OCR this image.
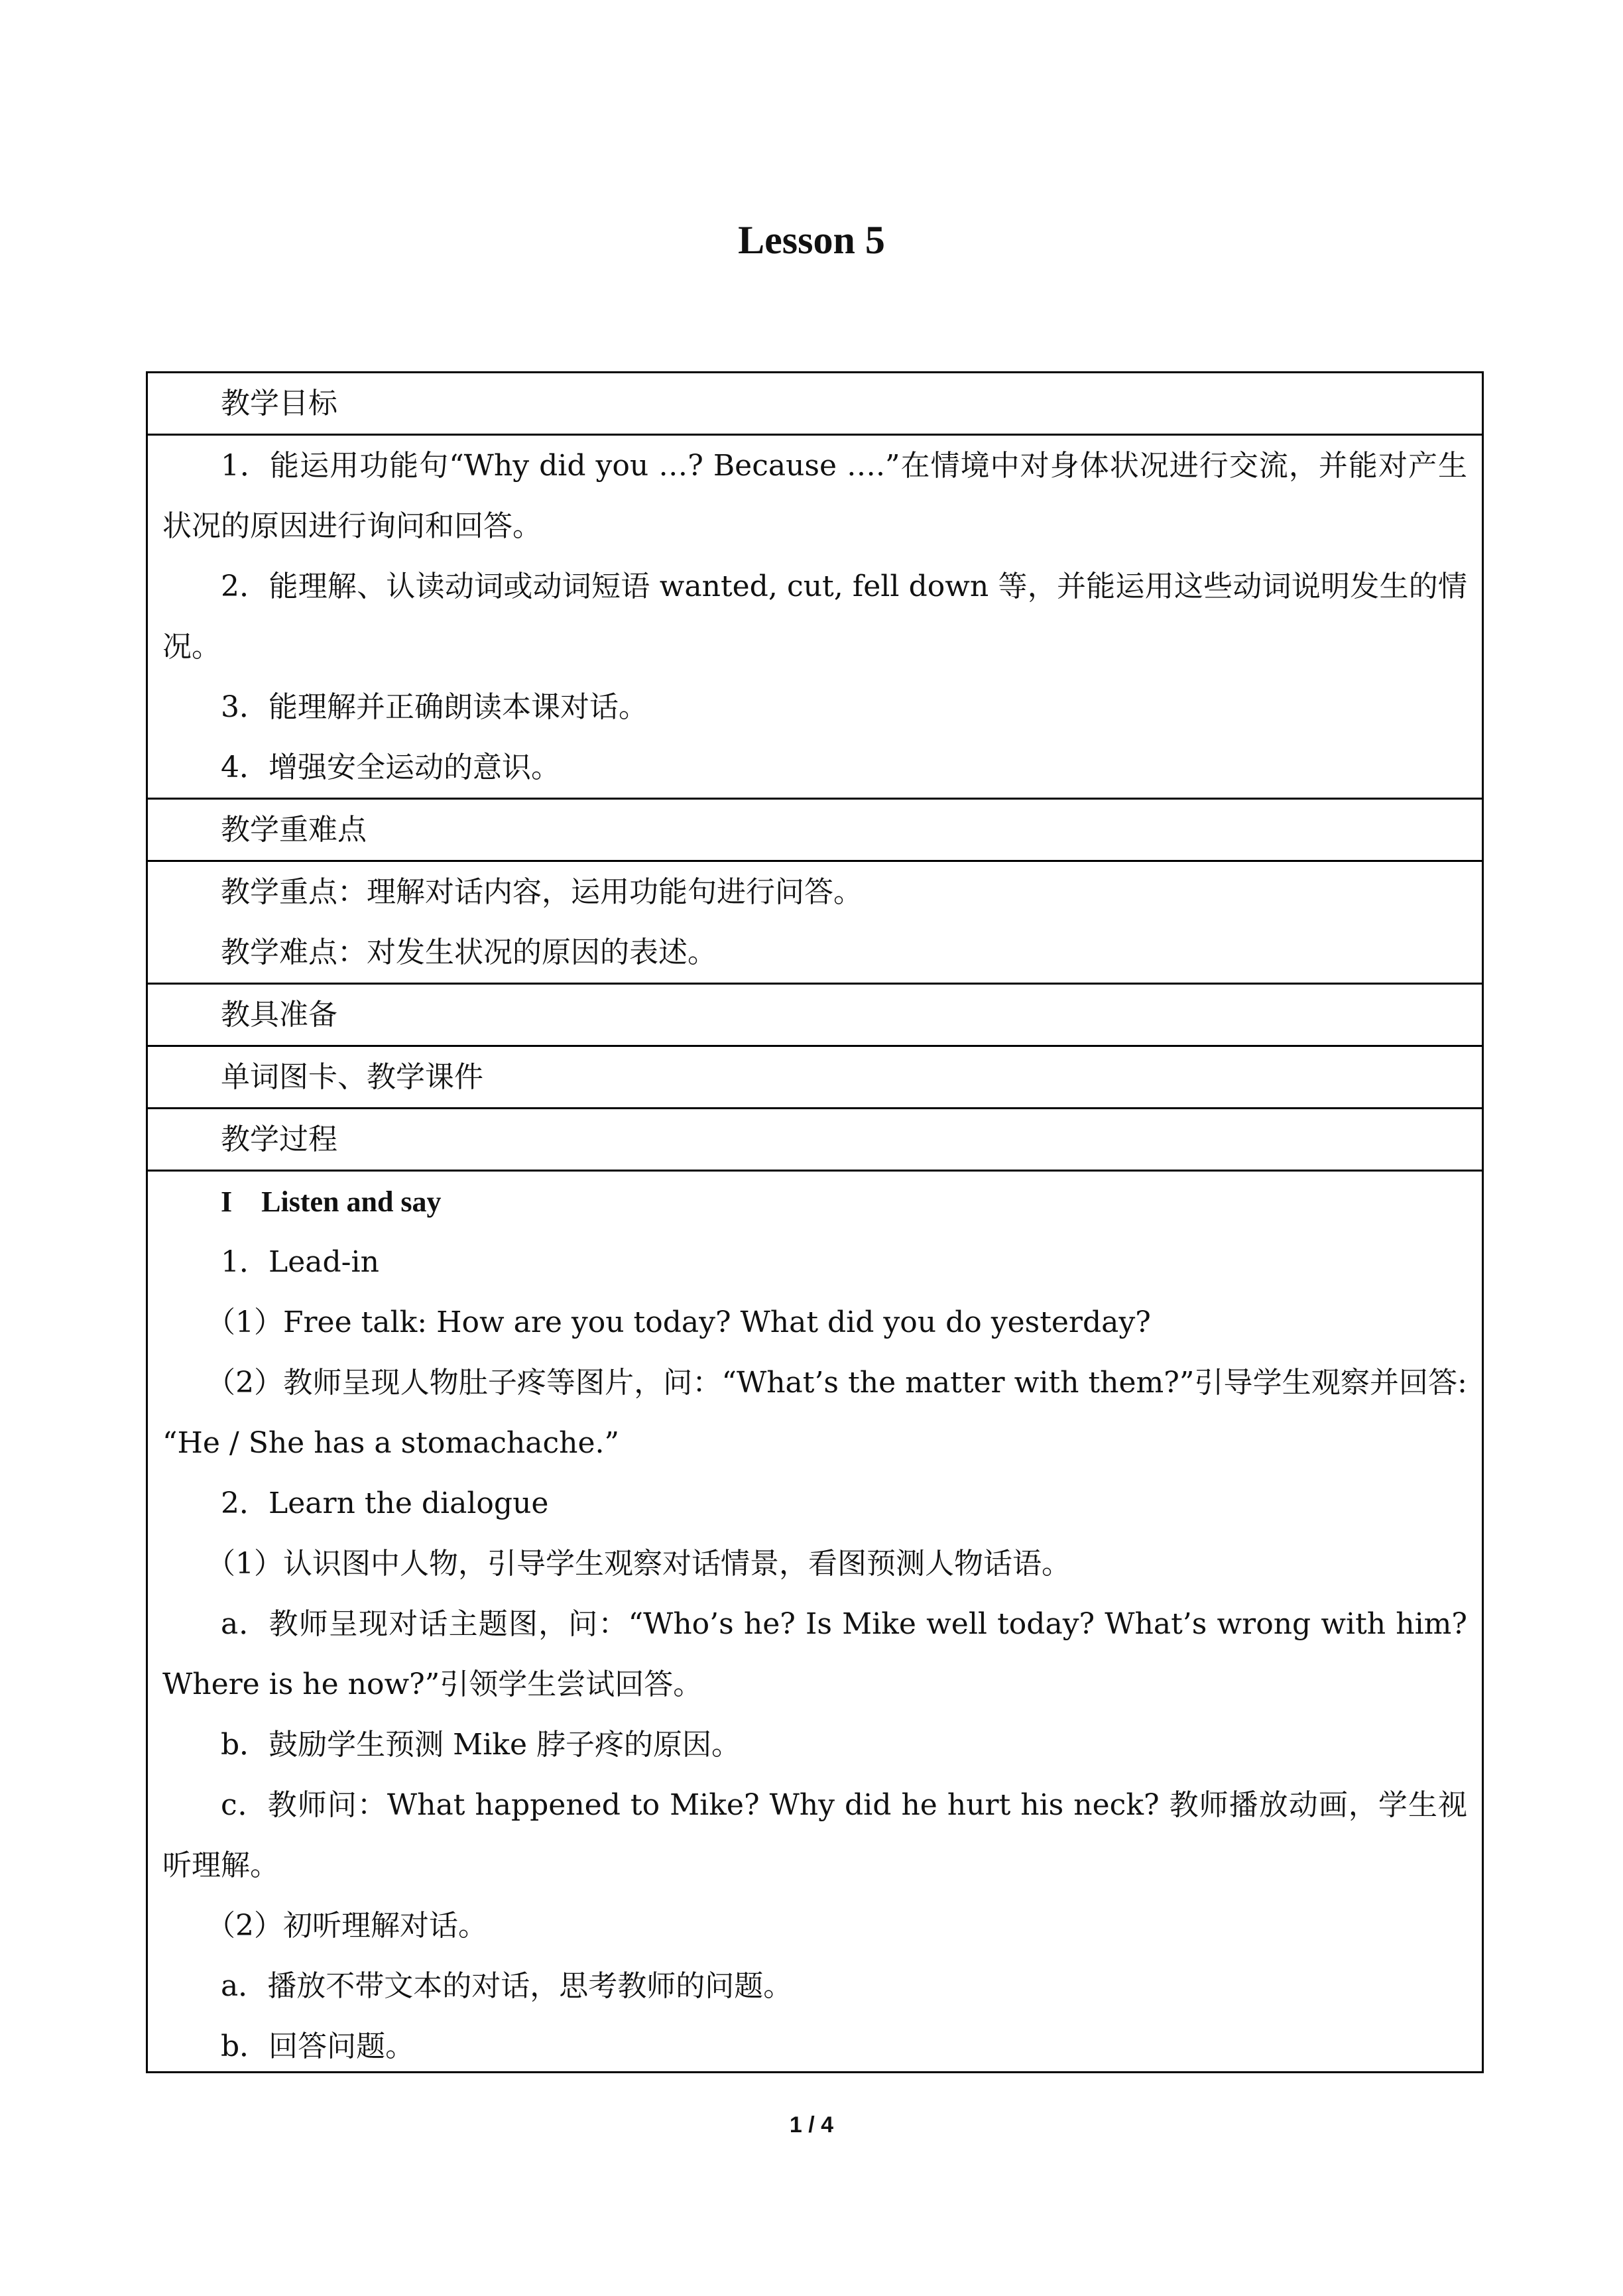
Lesson 5

教学目标

1．能运用功能句“Why did you …? Because ….”在情境中对身体状况进行交流，并能对产生状况的原因进行询问和回答。

2．能理解、认读动词或动词短语 wanted, cut, fell down 等，并能运用这些动词说明发生的情况。

3．能理解并正确朗读本课对话。

4．增强安全运动的意识。

教学重难点

教学重点：理解对话内容，运用功能句进行问答。

教学难点：对发生状况的原因的表述。

教具准备

单词图卡、教学课件

教学过程

I　Listen and say

1．Lead-in

（1）Free talk: How are you today? What did you do yesterday?

（2）教师呈现人物肚子疼等图片，问：“What’s the matter with them?”引导学生观察并回答: “He / She has a stomachache.”

2．Learn the dialogue

（1）认识图中人物，引导学生观察对话情景，看图预测人物话语。

a．教师呈现对话主题图，问：“Who’s he? Is Mike well today? What’s wrong with him? Where is he now?”引领学生尝试回答。

b．鼓励学生预测 Mike 脖子疼的原因。

c．教师问：What happened to Mike? Why did he hurt his neck? 教师播放动画，学生视听理解。

（2）初听理解对话。

a．播放不带文本的对话，思考教师的问题。

b．回答问题。

1 / 4
